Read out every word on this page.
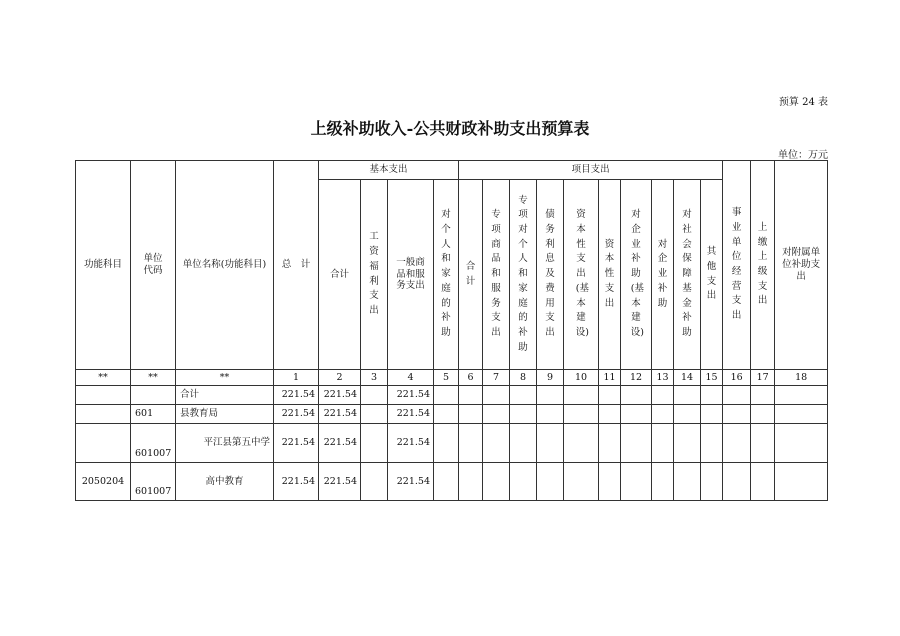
预算 24 表
上级补助收入-公共财政补助支出预算表
单位：万元
功能科目	单位代码	单位名称(功能科目)	总　计	基本支出				项目支出										事业单位经营支出	上缴上级支出	对附属单位补助支出
				合计	工资福利支出	一般商品和服务支出	对个人和家庭的补助	合计	专项商品和服务支出	专项对个人和家庭的补助	债务利息及费用支出	资本性支出(基本建设)	资本性支出	对企业补助(基本建设)	对企业补助	对社会保障基金补助	其他支出			
**	**	**	1	2	3	4	5	6	7	8	9	10	11	12	13	14	15	16	17	18
		合计	221.54	221.54		221.54														
	601	县教育局	221.54	221.54		221.54														
	601007	平江县第五中学	221.54	221.54		221.54														
2050204	601007	高中教育	221.54	221.54		221.54														
